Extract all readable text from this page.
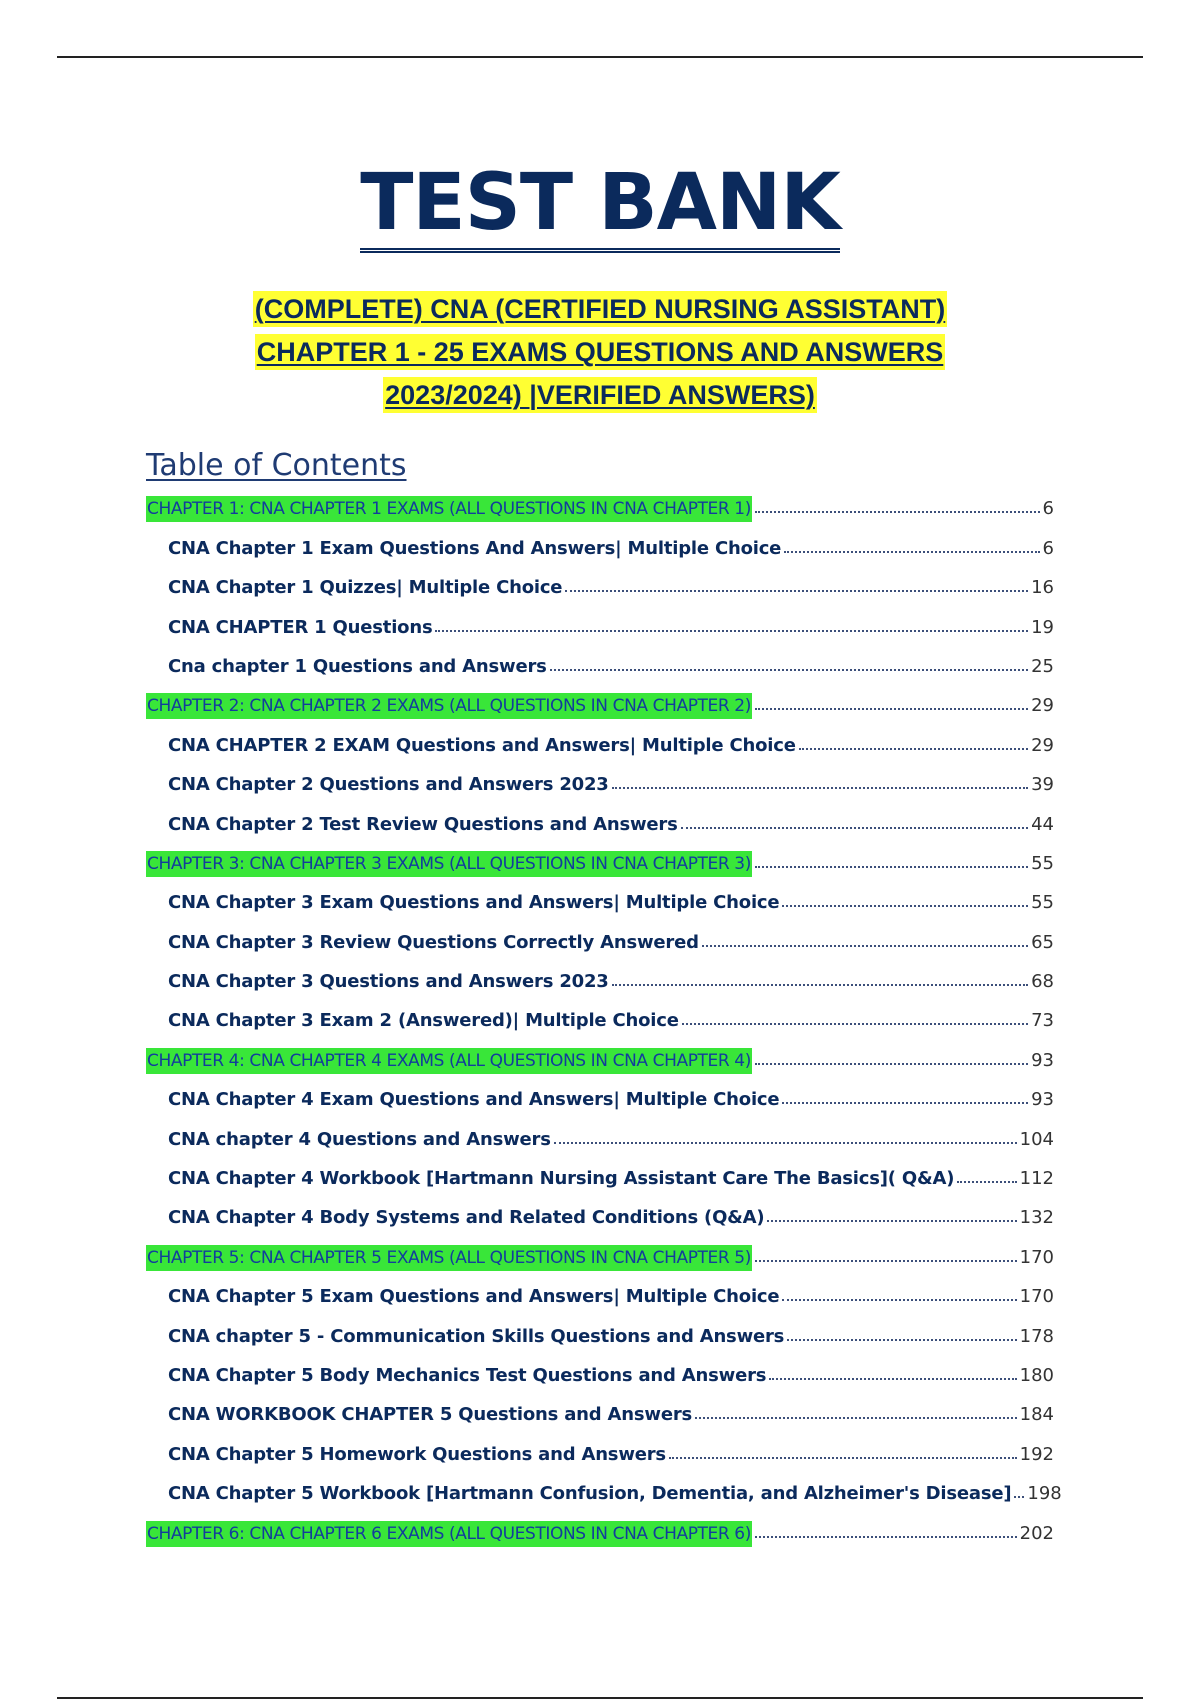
TEST BANK

(COMPLETE) CNA (CERTIFIED NURSING ASSISTANT)

CHAPTER 1 - 25 EXAMS QUESTIONS AND ANSWERS

2023/2024) |VERIFIED ANSWERS)

Table of Contents
CHAPTER 1: CNA CHAPTER 1 EXAMS (ALL QUESTIONS IN CNA CHAPTER 1)	6
CNA Chapter 1 Exam Questions And Answers| Multiple Choice	6
CNA Chapter 1 Quizzes| Multiple Choice	16
CNA CHAPTER 1 Questions	19
Cna chapter 1 Questions and Answers	25
CHAPTER 2: CNA CHAPTER 2 EXAMS (ALL QUESTIONS IN CNA CHAPTER 2)	29
CNA CHAPTER 2 EXAM Questions and Answers| Multiple Choice	29
CNA Chapter 2 Questions and Answers 2023	39
CNA Chapter 2 Test Review Questions and Answers	44
CHAPTER 3: CNA CHAPTER 3 EXAMS (ALL QUESTIONS IN CNA CHAPTER 3)	55
CNA Chapter 3 Exam Questions and Answers| Multiple Choice	55
CNA Chapter 3 Review Questions Correctly Answered	65
CNA Chapter 3 Questions and Answers 2023	68
CNA Chapter 3 Exam 2 (Answered)| Multiple Choice	73
CHAPTER 4: CNA CHAPTER 4 EXAMS (ALL QUESTIONS IN CNA CHAPTER 4)	93
CNA Chapter 4 Exam Questions and Answers| Multiple Choice	93
CNA chapter 4 Questions and Answers	104
CNA Chapter 4 Workbook [Hartmann Nursing Assistant Care The Basics]( Q&A)	112
CNA Chapter 4 Body Systems and Related Conditions (Q&A)	132
CHAPTER 5: CNA CHAPTER 5 EXAMS (ALL QUESTIONS IN CNA CHAPTER 5)	170
CNA Chapter 5 Exam Questions and Answers| Multiple Choice	170
CNA chapter 5 - Communication Skills Questions and Answers	178
CNA Chapter 5 Body Mechanics Test Questions and Answers	180
CNA WORKBOOK CHAPTER 5 Questions and Answers	184
CNA Chapter 5 Homework Questions and Answers	192
CNA Chapter 5 Workbook [Hartmann Confusion, Dementia, and Alzheimer's Disease] 198
CHAPTER 6: CNA CHAPTER 6 EXAMS (ALL QUESTIONS IN CNA CHAPTER 6)	202
